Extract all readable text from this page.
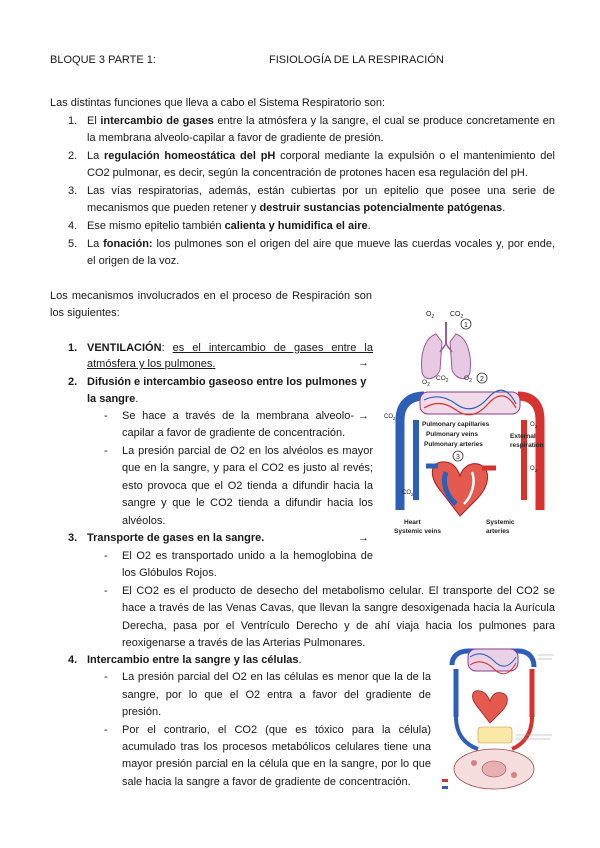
BLOQUE 3 PARTE 1:	FISIOLOGÍA DE LA RESPIRACIÓN
Las distintas funciones que lleva a cabo el Sistema Respiratorio son:
1. El intercambio de gases entre la atmósfera y la sangre, el cual se produce concretamente en
la membrana alveolo-capilar a favor de gradiente de presión.
2. La regulación homeostática del pH corporal mediante la expulsión o el mantenimiento del
CO2 pulmonar, es decir, según la concentración de protones hacen esa regulación del pH.
3. Las vías respiratorias, además, están cubiertas por un epitelio que posee una serie de
mecanismos que pueden retener y destruir sustancias potencialmente patógenas.
4. Ese mismo epitelio también calienta y humidifica el aire.
5. La fonación: los pulmones son el origen del aire que mueve las cuerdas vocales y, por ende,
el origen de la voz.
Los mecanismos involucrados en el proceso de Respiración son
los siguientes:
1. VENTILACIÓN: es el intercambio de gases entre la
atmósfera y los pulmones.	→
2. Difusión e intercambio gaseoso entre los pulmones y
la sangre.
- Se hace a través de la membrana alveolo- →
capilar a favor de gradiente de concentración.
- La presión parcial de O2 en los alvéolos es mayor
que en la sangre, y para el CO2 es justo al revés;
esto provoca que el O2 tienda a difundir hacia la
sangre y que le CO2 tienda a difundir hacia los
alvéolos.
3. Transporte de gases en la sangre.	→
- El O2 es transportado unido a la hemoglobina de
los Glóbulos Rojos.
- El CO2 es el producto de desecho del metabolismo celular. El transporte del CO2 se
hace a través de las Venas Cavas, que llevan la sangre desoxigenada hacia la Aurícula
Derecha, pasa por el Ventrículo Derecho y de ahí viaja hacia los pulmones para
reoxigenarse a través de las Arterias Pulmonares.
4. Intercambio entre la sangre y las células.
- La presión parcial del O2 en las células es menor que la de la
sangre, por lo que el O2 entra a favor del gradiente de
presión.
- Por el contrario, el CO2 (que es tóxico para la célula)
acumulado tras los procesos metabólicos celulares tiene una
mayor presión parcial en la célula que en la sangre, por lo que
sale hacia la sangre a favor de gradiente de concentración.
$O_2$ $CO_2$
1
$O_2$
$CO_2$ $O_2$ 2
Pulmonary capillaries
Pulmonary veins
Pulmonary arteries
$CO_2$
$O_2$
3
External
respiration
$O_2$
$CO_2$
Heart
Systemic veins
Systemic
arteries
